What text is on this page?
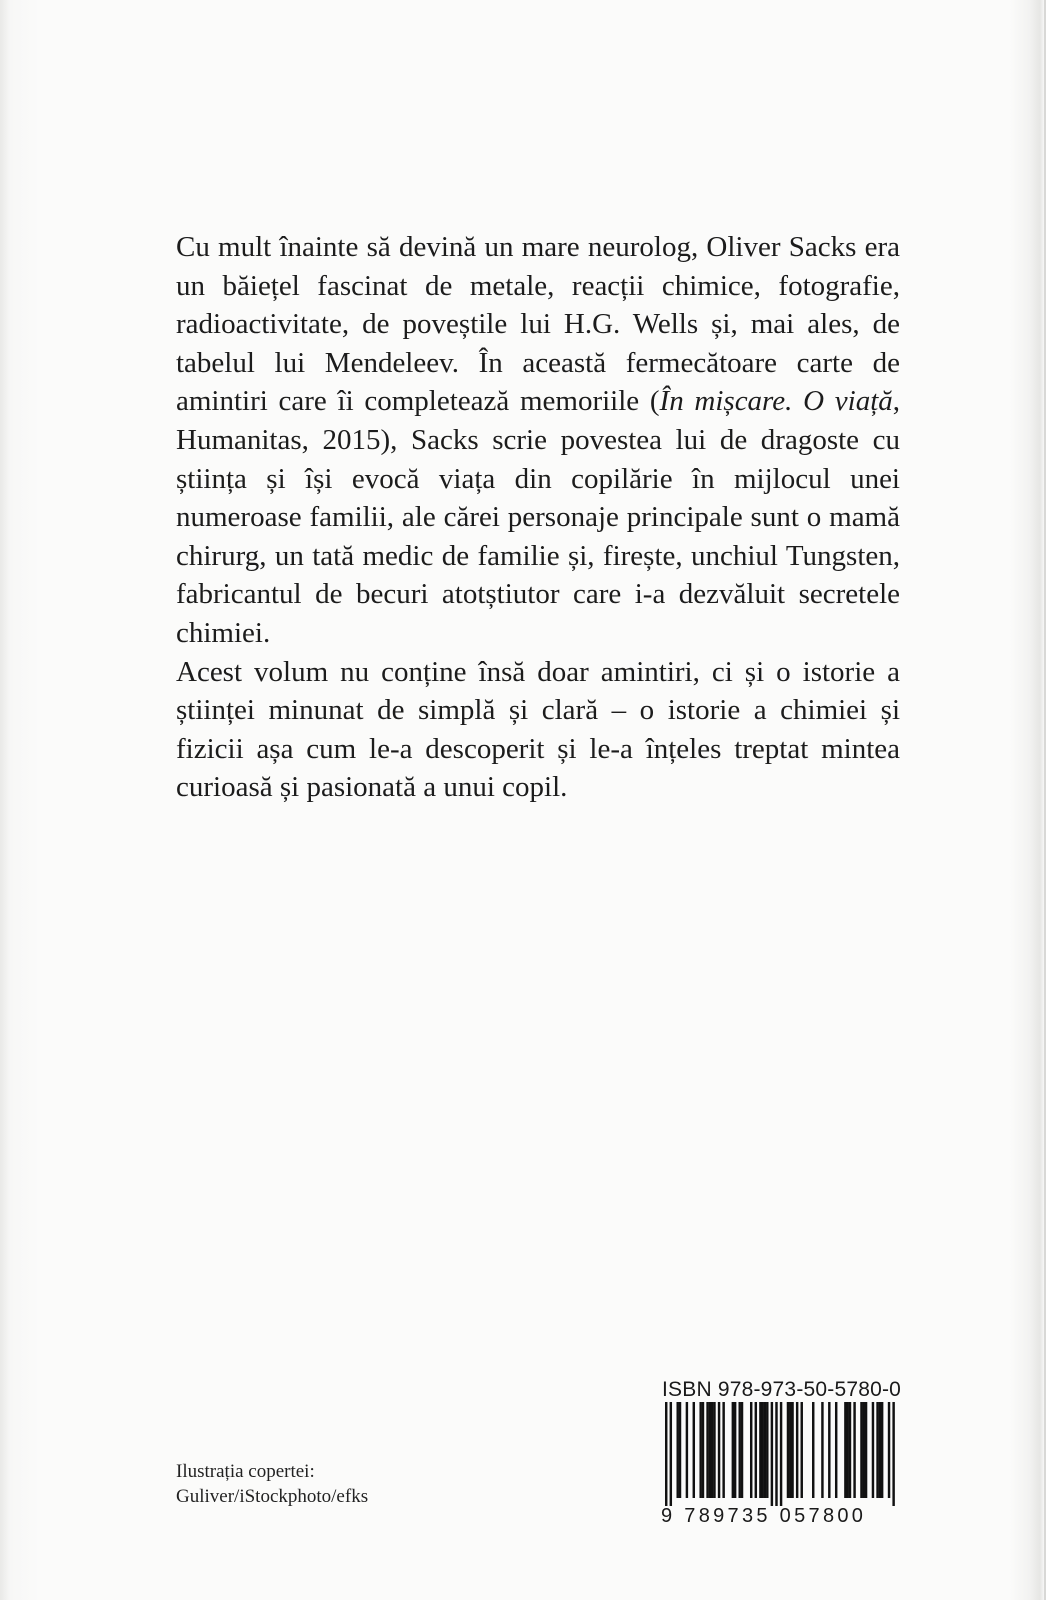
Cu mult înainte să devină un mare neurolog, Oliver Sacks era un băiețel fascinat de metale, reacții chimice, fotografie, radioactivitate, de poveștile lui H.G. Wells și, mai ales, de tabelul lui Mendeleev. În această fermecătoare carte de amintiri care îi completează memoriile (În mișcare. O viață, Humanitas, 2015), Sacks scrie povestea lui de dragoste cu știința și își evocă viața din copilărie în mijlocul unei numeroase familii, ale cărei personaje principale sunt o mamă chirurg, un tată medic de familie și, firește, unchiul Tungsten, fabricantul de becuri atotștiutor care i-a dezvăluit secretele chimiei.

Acest volum nu conține însă doar amintiri, ci și o istorie a științei minunat de simplă și clară – o istorie a chimiei și fizicii așa cum le-a descoperit și le-a înțeles treptat mintea curioasă și pasionată a unui copil.

ISBN 978-973-50-5780-0
9 789735 057800
Ilustrația copertei:
Guliver/iStockphoto/efks
